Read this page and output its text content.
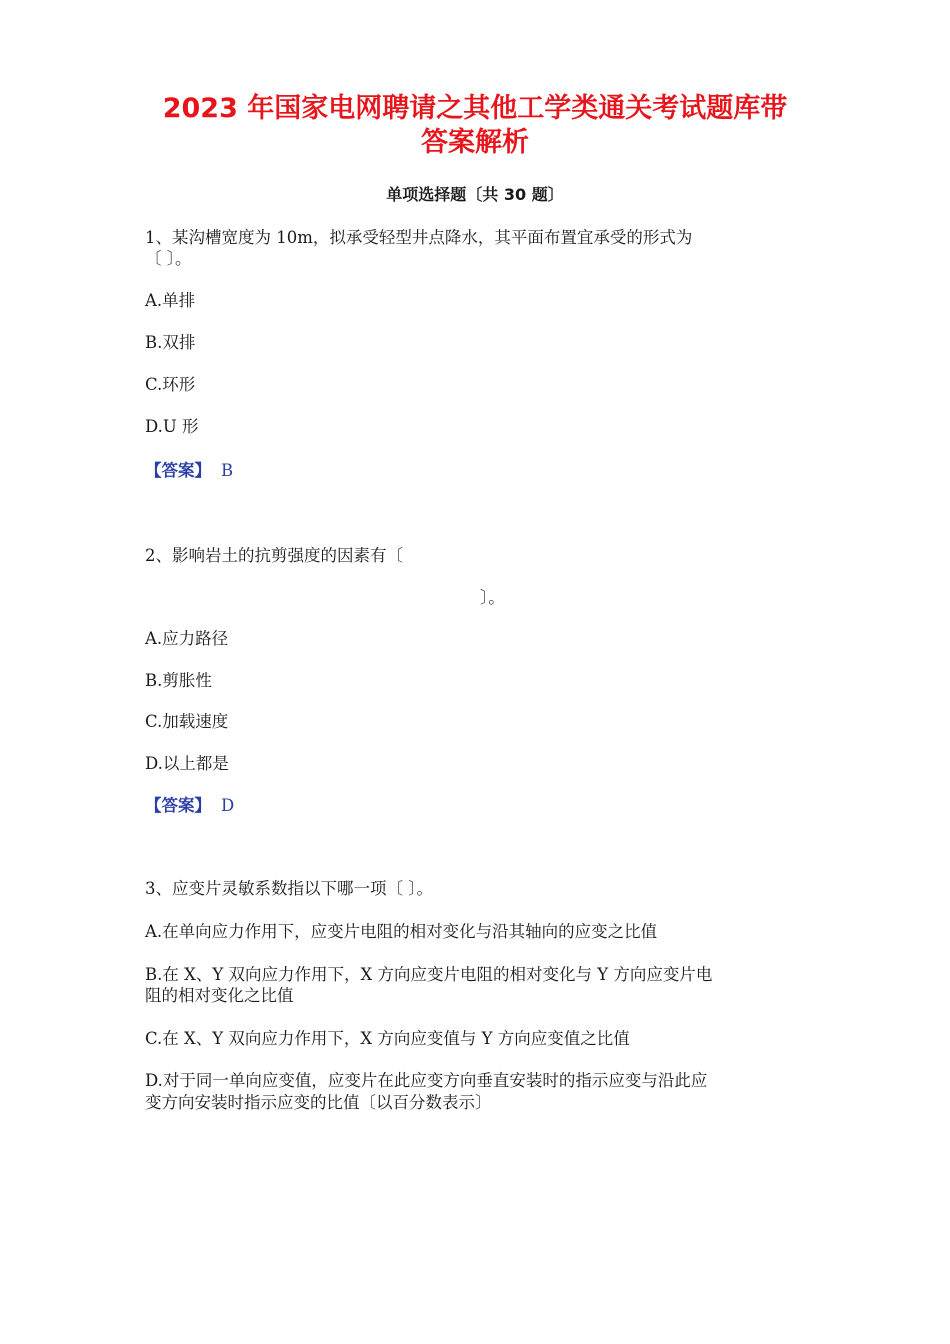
2023 年国家电网聘请之其他工学类通关考试题库带
答案解析
单项选择题〔共 30 题〕
1、某沟槽宽度为 10m，拟承受轻型井点降水，其平面布置宜承受的形式为
〔 〕。
A.单排
B.双排
C.环形
D.U 形
【答案】 B
2、影响岩土的抗剪强度的因素有〔
〕。
A.应力路径
B.剪胀性
C.加载速度
D.以上都是
【答案】 D
3、应变片灵敏系数指以下哪一项〔 〕。
A.在单向应力作用下，应变片电阻的相对变化与沿其轴向的应变之比值
B.在 X、Y 双向应力作用下，X 方向应变片电阻的相对变化与 Y 方向应变片电
阻的相对变化之比值
C.在 X、Y 双向应力作用下，X 方向应变值与 Y 方向应变值之比值
D.对于同一单向应变值，应变片在此应变方向垂直安装时的指示应变与沿此应
变方向安装时指示应变的比值〔以百分数表示〕
